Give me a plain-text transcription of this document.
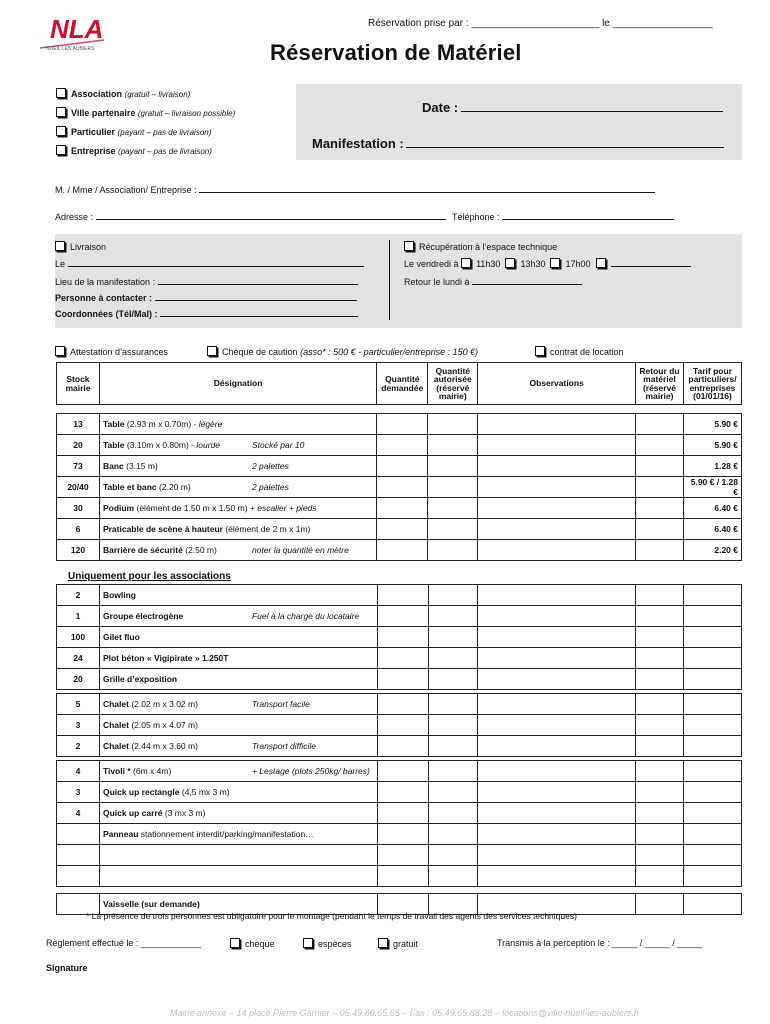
NLA
NUEIL LES AUBIERS
Réservation prise par : _______________________ le __________________
Réservation de Matériel
Association (gratuit – livraison)
Ville partenaire (gratuit – livraison possible)
Particulier (payant – pas de livraison)
Entreprise (payant – pas de livraison)
Date :
Manifestation :
M. / Mme / Association/ Entreprise :
Adresse :	Téléphone :
Livraison
Le
Lieu de la manifestation :
Personne à contacter :
Coordonnées (Tél/Mal) :
Récupération à l’espace technique
Le vendredi à 11h30 13h30 17h00
Retour le lundi à
Attestation d’assurances	Chèque de caution (asso* : 500 € - particulier/entreprise : 150 €)	contrat de location
Stock mairie	Désignation	Quantité demandée	Quantité autorisée (réservé mairie)	Observations	Retour du matériel (réservé mairie)	Tarif pour particuliers/ entreprises (01/01/16)

13	Table (2.93 m x 0.70m) - légère					5.90 €
20	Table (3.10m x 0.80m) - lourde Stocké par 10					5.90 €
73	Banc (3.15 m) 2 palettes					1.28 €
20/40	Table et banc (2.20 m) 2 palettes					5.90 € / 1.28 €
30	Podium (élément de 1.50 m x 1.50 m) + escalier + pieds					6.40 €
6	Praticable de scène à hauteur (élément de 2 m x 1m)					6.40 €
120	Barrière de sécurité (2.50 m) noter la quantité en mètre					2.20 €
Uniquement pour les associations
2	Bowling

1	Groupe électrogène Fuel à la charge du locataire					

100	Gilet fluo

24	Plot béton « Vigipirate » 1.250T

20	Grille d’exposition

5	Chalet (2.02 m x 3.02 m) Transport facile					

3	Chalet (2.05 m x 4.07 m)

2	Chalet (2.44 m x 3.60 m) Transport difficile					

4	Tivoli * (6m x 4m) + Lestage (plots 250kg/ barres)					

3	Quick up rectangle (4,5 mx 3 m)

4	Quick up carré (3 mx 3 m)

	Panneau stationnement interdit/parking/manifestation…

	Vaisselle (sur demande)					
* La présence de trois personnes est obligatoire pour le montage (pendant le temps de travail des agents des services techniques)
Règlement effectué le : ____________	chèque	espèces	gratuit	Transmis à la perception le : _____ / _____ / _____
Signature
Mairie annexe – 14 place Pierre Garnier – 05.49.80.65.65 – Fax : 05.49.65.88.28 – locations@ville-nueil-les-aubiers.fr
